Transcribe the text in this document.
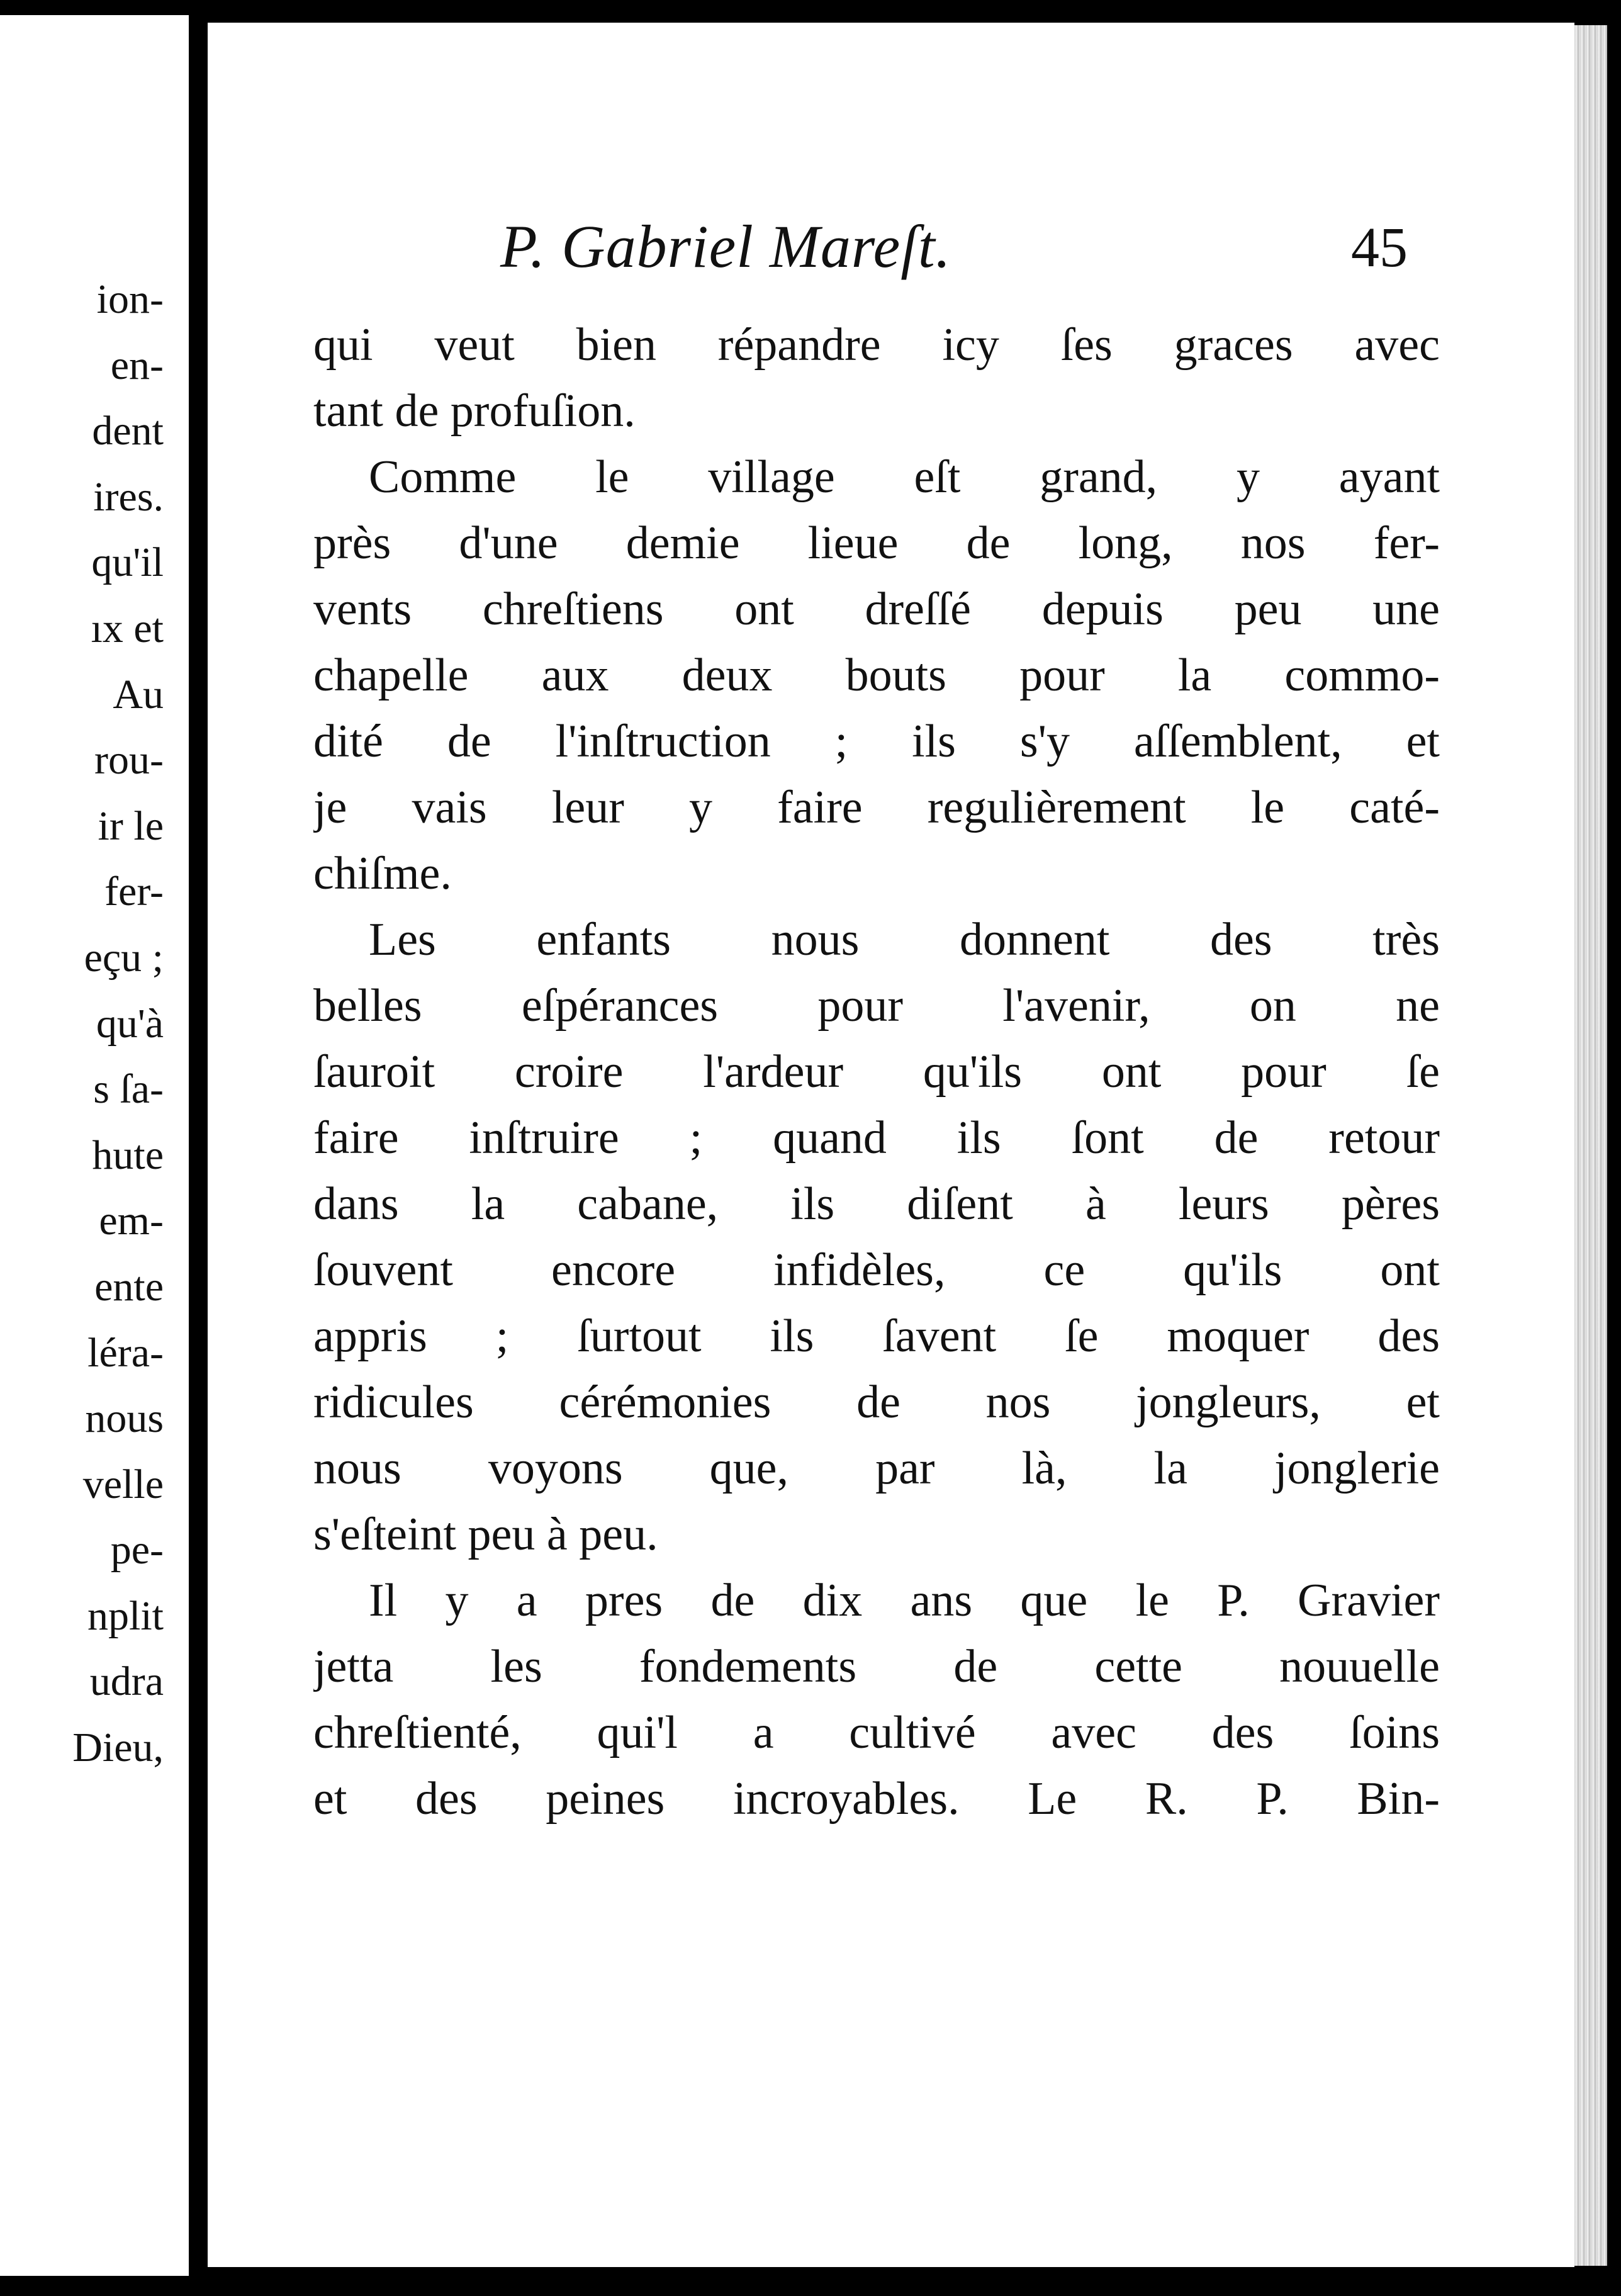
ion-
en-
dent
ires.
qu'il
ıx et
Au
rou-
ir le
fer-
eçu ;
qu'à
s ſa-
hute
em-
ente
léra-
nous
velle
pe-
nplit
udra
Dieu,
P. Gabriel Mareſt.	45
qui veut bien répandre icy ſes graces avec
tant de profuſion.
Comme le village eſt grand, y ayant
près d'une demie lieue de long, nos fer-
vents chreſtiens ont dreſſé depuis peu une
chapelle aux deux bouts pour la commo-
dité de l'inſtruction ; ils s'y aſſemblent, et
je vais leur y faire regulièrement le caté-
chiſme.
Les enfants nous donnent des très
belles eſpérances pour l'avenir, on ne
ſauroit croire l'ardeur qu'ils ont pour ſe
faire inſtruire ; quand ils ſont de retour
dans la cabane, ils diſent à leurs pères
ſouvent encore infidèles, ce qu'ils ont
appris ; ſurtout ils ſavent ſe moquer des
ridicules cérémonies de nos jongleurs, et
nous voyons que, par là, la jonglerie
s'eſteint peu à peu.
Il y a pres de dix ans que le P. Gravier
jetta les fondements de cette nouuelle
chreſtienté, qui'l a cultivé avec des ſoins
et des peines incroyables. Le R. P. Bin-
